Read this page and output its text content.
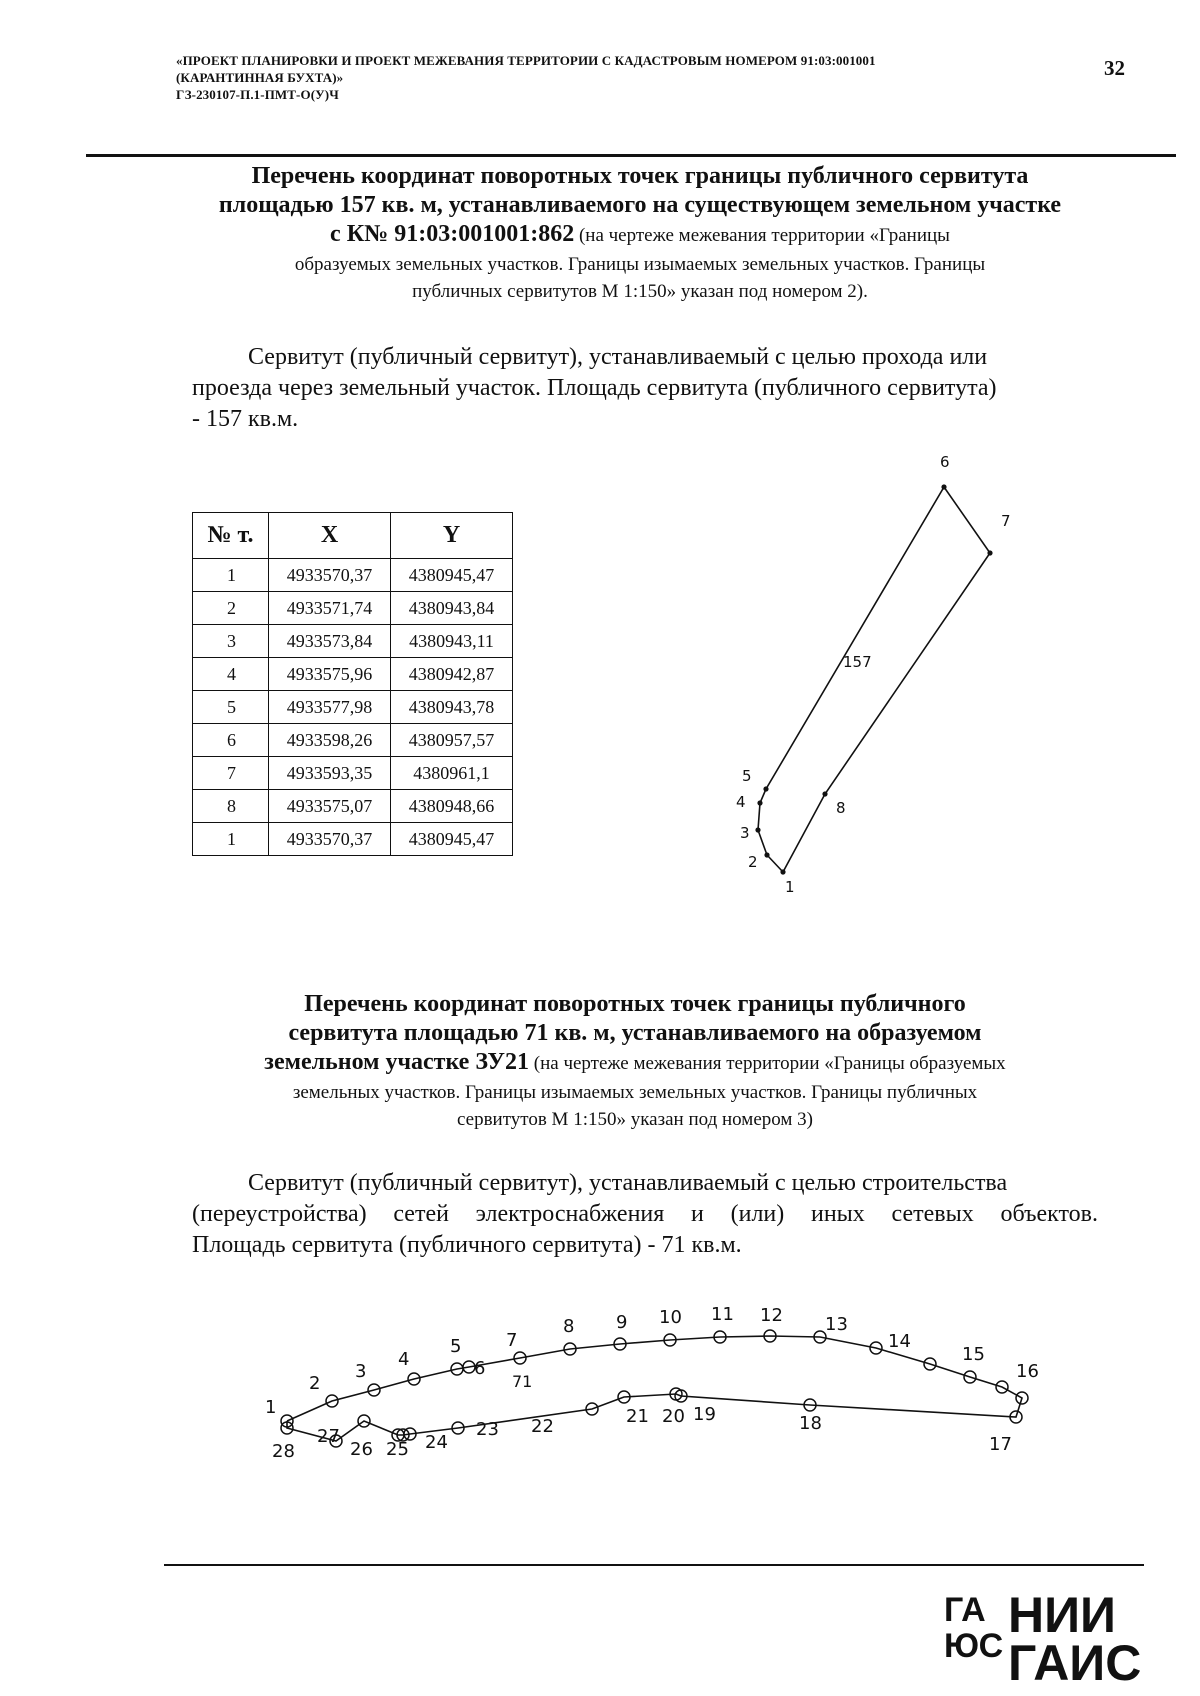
«ПРОЕКТ ПЛАНИРОВКИ И ПРОЕКТ МЕЖЕВАНИЯ ТЕРРИТОРИИ С КАДАСТРОВЫМ НОМЕРОМ 91:03:001001
(КАРАНТИННАЯ БУХТА)»
ГЗ-230107-П.1-ПМТ-О(У)Ч
32
Перечень координат поворотных точек границы публичного сервитута
площадью 157 кв. м, устанавливаемого на существующем земельном участке
с К№ 91:03:001001:862 (на чертеже межевания территории «Границы
образуемых земельных участков. Границы изымаемых земельных участков. Границы
публичных сервитутов М 1:150» указан под номером 2).
Сервитут (публичный сервитут), устанавливаемый с целью прохода или
проезда через земельный участок. Площадь сервитута (публичного сервитута)
- 157 кв.м.
№ т.	X	Y
1	4933570,37	4380945,47
2	4933571,74	4380943,84
3	4933573,84	4380943,11
4	4933575,96	4380942,87
5	4933577,98	4380943,78
6	4933598,26	4380957,57
7	4933593,35	4380961,1
8	4933575,07	4380948,66
1	4933570,37	4380945,47
1
2
3
4
5
6
7
8
157
Перечень координат поворотных точек границы публичного
сервитута площадью 71 кв. м, устанавливаемого на образуемом
земельном участке ЗУ21 (на чертеже межевания территории «Границы образуемых
земельных участков. Границы изымаемых земельных участков. Границы публичных
сервитутов М 1:150» указан под номером 3)
Сервитут (публичный сервитут), устанавливаемый с целью строительства
(переустройства) сетей электроснабжения и (или) иных сетевых объектов.
Площадь сервитута (публичного сервитута) - 71 кв.м.
1
2
3
4
5
6
7
8 9 10 11 12 13
14
15
16
17
18
19
20
21
22
23
24
25
26
27
28
71
ГА
ЮС
НИИ
ГАИС
